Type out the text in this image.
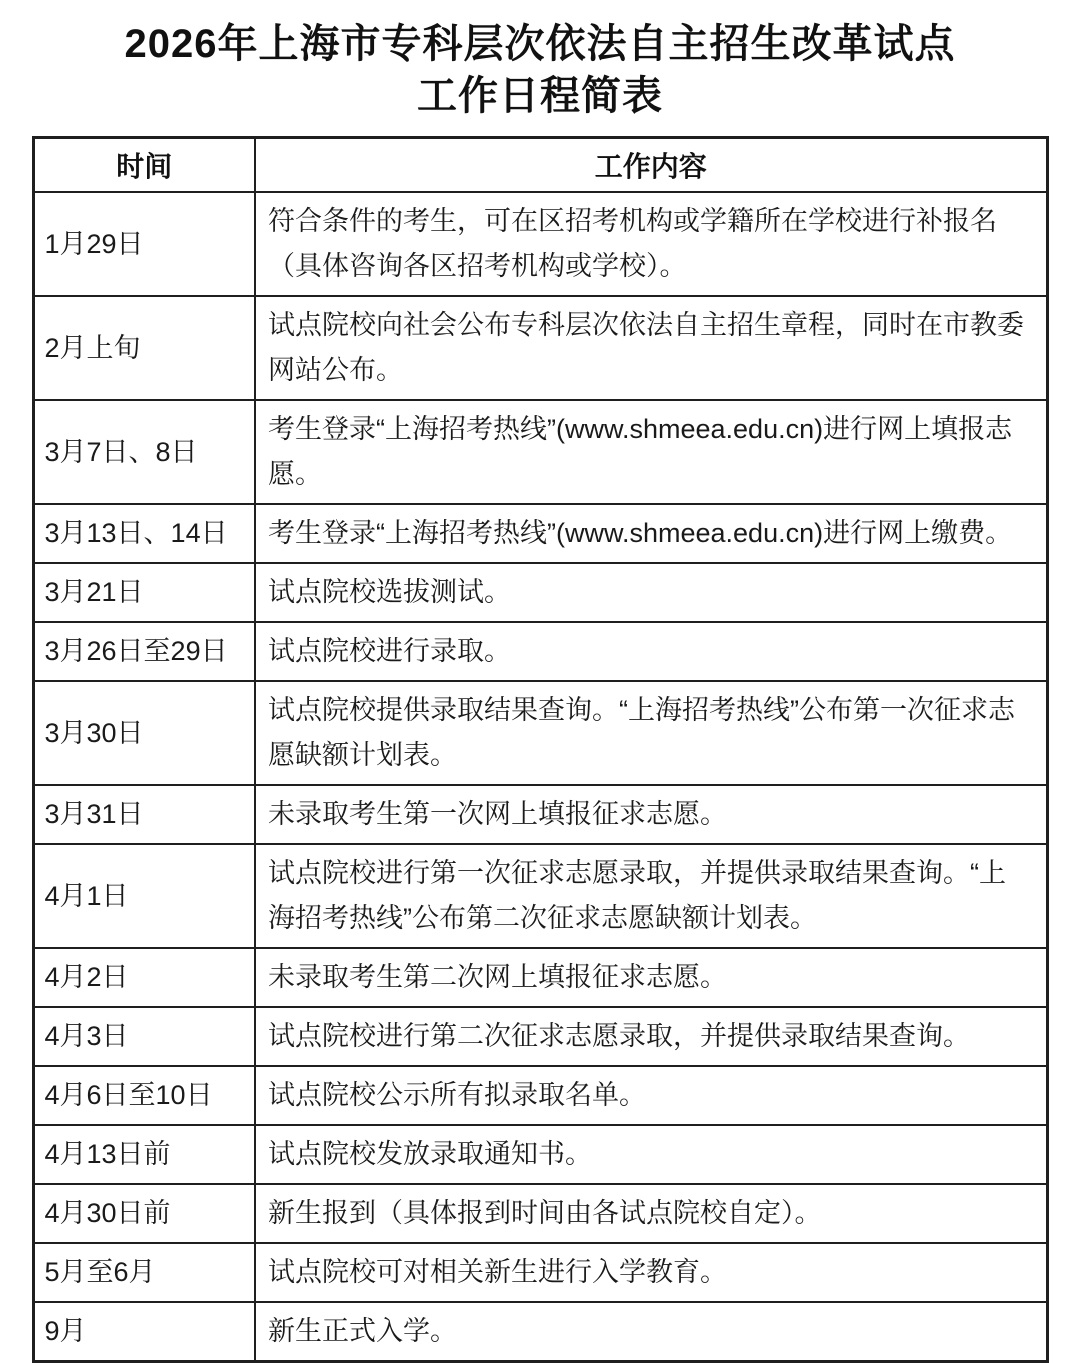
2026年上海市专科层次依法自主招生改革试点
工作日程简表
时间	工作内容
1月29日	符合条件的考生，可在区招考机构或学籍所在学校进行补报名（具体咨询各区招考机构或学校）。
2月上旬	试点院校向社会公布专科层次依法自主招生章程，同时在市教委网站公布。
3月7日、8日	考生登录“上海招考热线”(www.shmeea.edu.cn)进行网上填报志愿。
3月13日、14日	考生登录“上海招考热线”(www.shmeea.edu.cn)进行网上缴费。
3月21日	试点院校选拔测试。
3月26日至29日	试点院校进行录取。
3月30日	试点院校提供录取结果查询。“上海招考热线”公布第一次征求志愿缺额计划表。
3月31日	未录取考生第一次网上填报征求志愿。
4月1日	试点院校进行第一次征求志愿录取，并提供录取结果查询。“上海招考热线”公布第二次征求志愿缺额计划表。
4月2日	未录取考生第二次网上填报征求志愿。
4月3日	试点院校进行第二次征求志愿录取，并提供录取结果查询。
4月6日至10日	试点院校公示所有拟录取名单。
4月13日前	试点院校发放录取通知书。
4月30日前	新生报到（具体报到时间由各试点院校自定）。
5月至6月	试点院校可对相关新生进行入学教育。
9月	新生正式入学。
